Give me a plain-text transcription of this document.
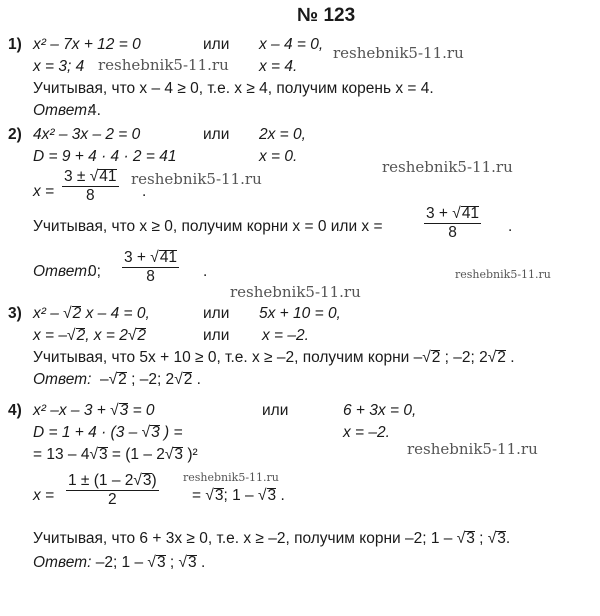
№ 123
reshebnik5-11.ru
reshebnik5-11.ru
reshebnik5-11.ru
reshebnik5-11.ru
reshebnik5-11.ru
reshebnik5-11.ru
reshebnik5-11.ru
reshebnik5-11.ru
1) x² – 7x + 12 = 0	или x – 4 = 0,
x = 3; 4	x = 4.
Учитывая, что x – 4 ≥ 0, т.е. x ≥ 4, получим корень x = 4.
Ответ:
4.
2) 4x² – 3x – 2 = 0	или 2x = 0,
D = 9 + 4 · 4 · 2 = 41	x = 0.
$x = \frac{3 \pm √41}{8}$ .
Учитывая, что x ≥ 0, получим корни x = 0 или x =	$\frac{3 + √41}{8}$ .
Ответ:
0; $\frac{3 + √41}{8}$ .
3) x² – √2 x – 4 = 0,	или 5x + 10 = 0,
x = –√2, x = 2√2	или x = –2.
Учитывая, что 5x + 10 ≥ 0, т.е. x ≥ –2, получим корни –√2 ; –2; 2√2 .
Ответ: –√2 ; –2; 2√2 .
4) x² –x – 3 + √3 = 0	или	6 + 3x = 0,
D = 1 + 4 · (3 – √3 ) =	x = –2.
= 13 – 4√3 = (1 – 2√3 )²
$x = \frac{1 \pm (1 - 2√3)}{2} = √3$; 1 – √3 .
Учитывая, что 6 + 3x ≥ 0, т.е. x ≥ –2, получим корни –2; 1 – √3 ; √3.
Ответ: –2; 1 – √3 ; √3 .
